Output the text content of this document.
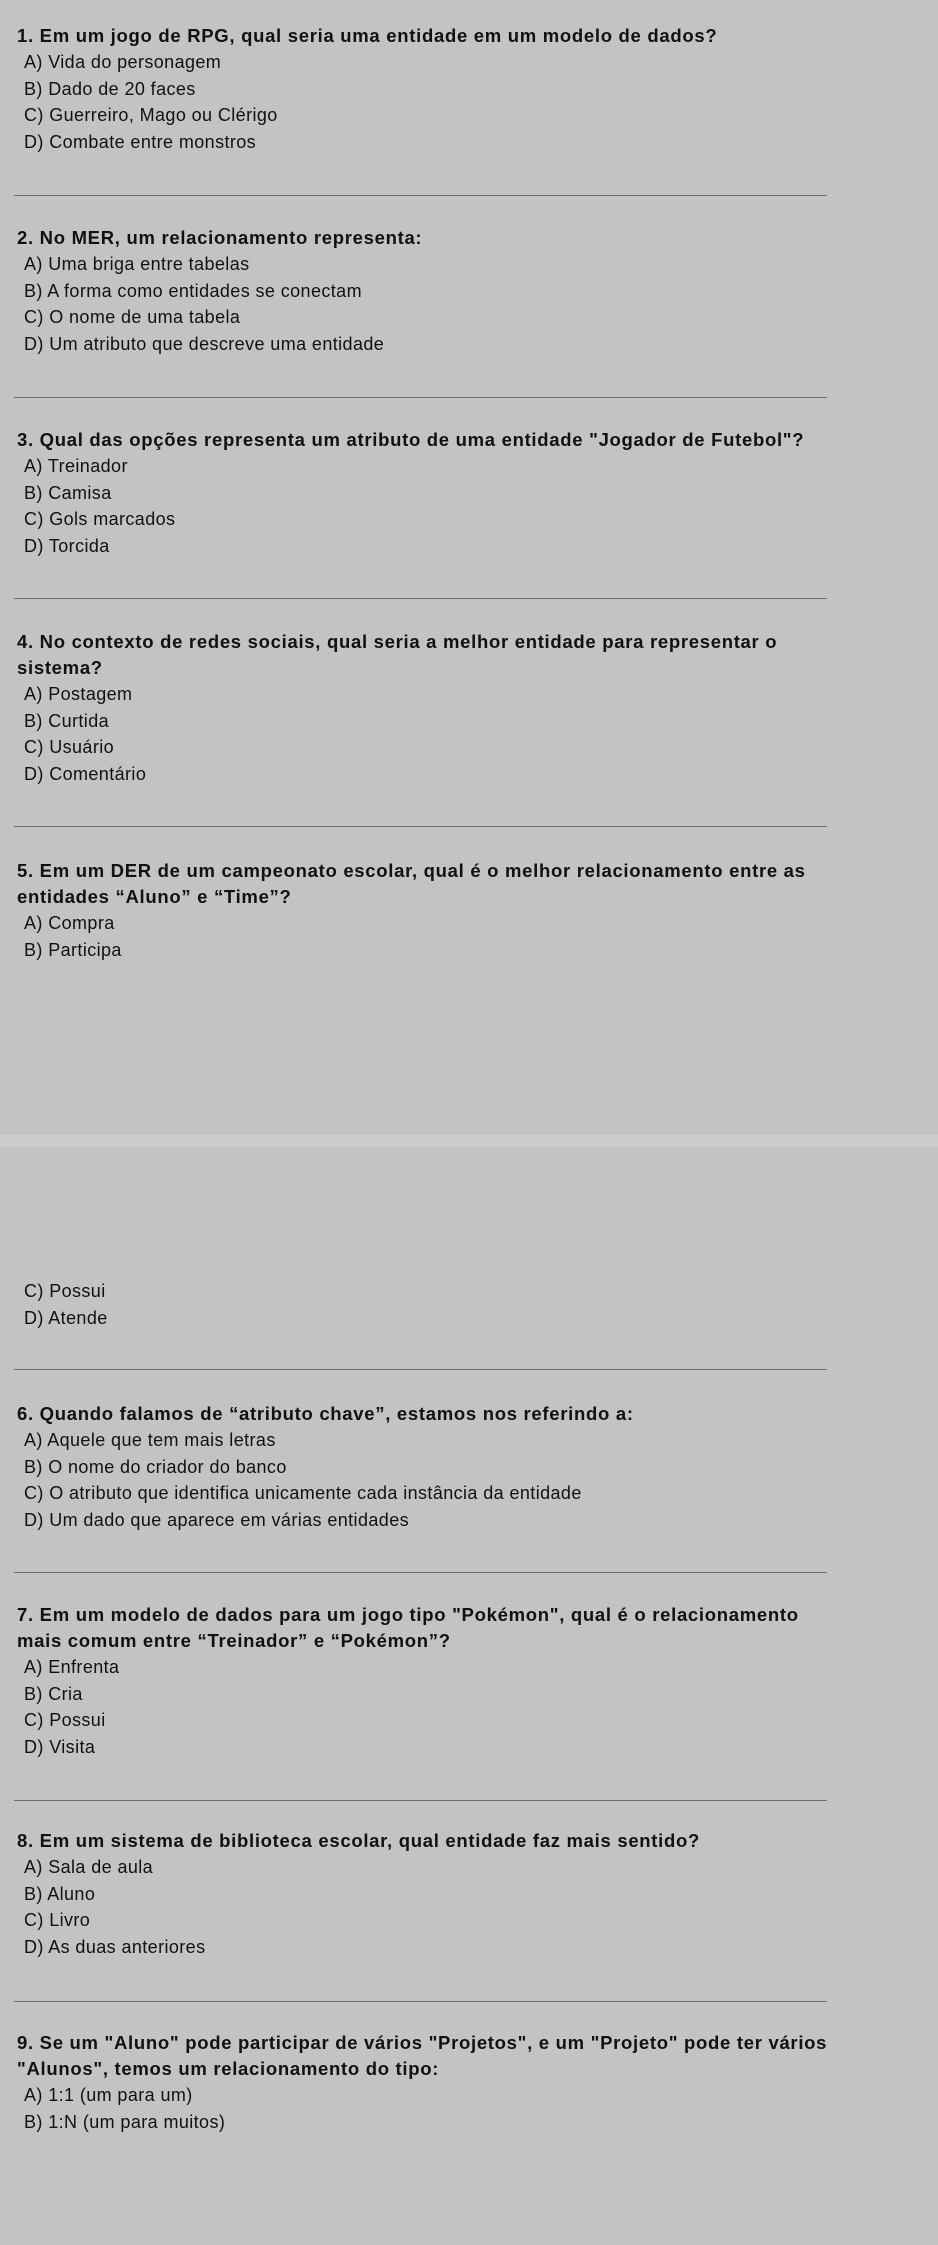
1. Em um jogo de RPG, qual seria uma entidade em um modelo de dados?

A) Vida do personagem

B) Dado de 20 faces

C) Guerreiro, Mago ou Clérigo

D) Combate entre monstros

2. No MER, um relacionamento representa:

A) Uma briga entre tabelas

B) A forma como entidades se conectam

C) O nome de uma tabela

D) Um atributo que descreve uma entidade

3. Qual das opções representa um atributo de uma entidade "Jogador de Futebol"?

A) Treinador

B) Camisa

C) Gols marcados

D) Torcida

4. No contexto de redes sociais, qual seria a melhor entidade para representar o

sistema?

A) Postagem

B) Curtida

C) Usuário

D) Comentário

5. Em um DER de um campeonato escolar, qual é o melhor relacionamento entre as

entidades “Aluno” e “Time”?

A) Compra

B) Participa

C) Possui

D) Atende

6. Quando falamos de “atributo chave”, estamos nos referindo a:

A) Aquele que tem mais letras

B) O nome do criador do banco

C) O atributo que identifica unicamente cada instância da entidade

D) Um dado que aparece em várias entidades

7. Em um modelo de dados para um jogo tipo "Pokémon", qual é o relacionamento

mais comum entre “Treinador” e “Pokémon”?

A) Enfrenta

B) Cria

C) Possui

D) Visita

8. Em um sistema de biblioteca escolar, qual entidade faz mais sentido?

A) Sala de aula

B) Aluno

C) Livro

D) As duas anteriores

9. Se um "Aluno" pode participar de vários "Projetos", e um "Projeto" pode ter vários

"Alunos", temos um relacionamento do tipo:

A) 1:1 (um para um)

B) 1:N (um para muitos)
